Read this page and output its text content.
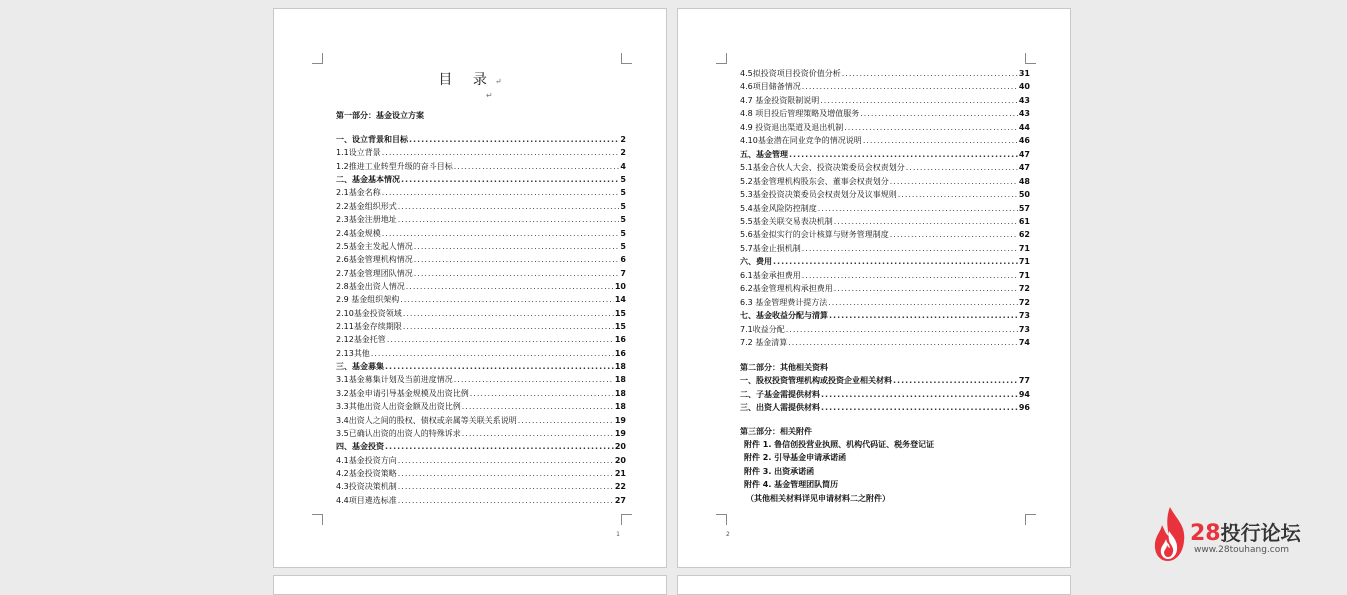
目 录↵
↵
第一部分：基金设立方案
一、设立背景和目标 .....	2
1.1设立背景 .....	2
1.2推进工业转型升级的奋斗目标 .....	4
二、基金基本情况 .....	5
2.1基金名称 .....	5
2.2基金组织形式 .....	5
2.3基金注册地址 .....	5
2.4基金规模 .....	5
2.5基金主发起人情况 .....	5
2.6基金管理机构情况 .....	6
2.7基金管理团队情况 .....	7
2.8基金出资人情况 .....	10
2.9 基金组织架构 .....	14
2.10基金投资领域 .....	15
2.11基金存续期限 .....	15
2.12基金托管 .....	16
2.13其他 .....	16
三、基金募集 .....	18
3.1基金募集计划及当前进度情况 .....	18
3.2基金申请引导基金规模及出资比例 .....	18
3.3其他出资人出资金额及出资比例 .....	18
3.4出资人之间的股权、债权或亲属等关联关系说明 .....	19
3.5已确认出资的出资人的特殊诉求 .....	19
四、基金投资 .....	20
4.1基金投资方向 .....	20
4.2基金投资策略 .....	21
4.3投资决策机制 .....	22
4.4项目遴选标准 .....	27
1
4.5拟投资项目投资价值分析 .....	31
4.6项目储备情况 .....	40
4.7 基金投资限制说明 .....	43
4.8 项目投后管理策略及增值服务 .....	43
4.9 投资退出渠道及退出机制 .....	44
4.10基金潜在同业竞争的情况说明 .....	46
五、基金管理 .....	47
5.1基金合伙人大会、投资决策委员会权责划分 .....	47
5.2基金管理机构股东会、董事会权责划分 .....	48
5.3基金投资决策委员会权责划分及议事规则 .....	50
5.4基金风险防控制度 .....	57
5.5基金关联交易表决机制 .....	61
5.6基金拟实行的会计核算与财务管理制度 .....	62
5.7基金止损机制 .....	71
六、费用 .....	71
6.1基金承担费用 .....	71
6.2基金管理机构承担费用 .....	72
6.3 基金管理费计提方法 .....	72
七、基金收益分配与清算 .....	73
7.1收益分配 .....	73
7.2 基金清算 .....	74
第二部分：其他相关资料
一、股权投资管理机构或投资企业相关材料 .....	77
二、子基金需提供材料 .....	94
三、出资人需提供材料 .....	96
第三部分：相关附件
附件 1. 鲁信创投营业执照、机构代码证、税务登记证
附件 2. 引导基金申请承诺函
附件 3. 出资承诺函
附件 4. 基金管理团队简历
（其他相关材料详见申请材料二之附件）
2	28投行论坛
www.28touhang.com
